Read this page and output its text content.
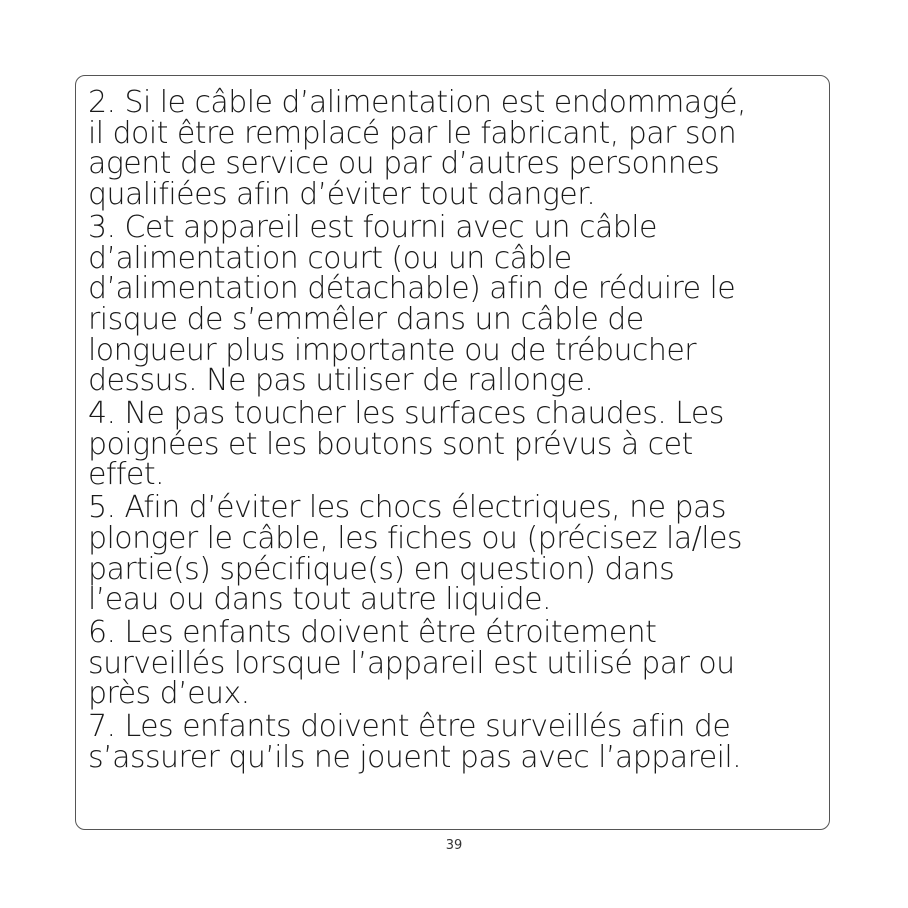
2. Si le câble d’alimentation est endommagé,
il doit être remplacé par le fabricant, par son
agent de service ou par d’autres personnes
qualifiées afin d’éviter tout danger.

3. Cet appareil est fourni avec un câble
d’alimentation court (ou un câble
d’alimentation détachable) afin de réduire le
risque de s’emmêler dans un câble de
longueur plus importante ou de trébucher
dessus. Ne pas utiliser de rallonge.

4. Ne pas toucher les surfaces chaudes. Les
poignées et les boutons sont prévus à cet
effet.

5. Afin d’éviter les chocs électriques, ne pas
plonger le câble, les fiches ou (précisez la/les
partie(s) spécifique(s) en question) dans
l’eau ou dans tout autre liquide.

6. Les enfants doivent être étroitement
surveillés lorsque l’appareil est utilisé par ou
près d’eux.

7. Les enfants doivent être surveillés afin de
s’assurer qu’ils ne jouent pas avec l’appareil.

39
